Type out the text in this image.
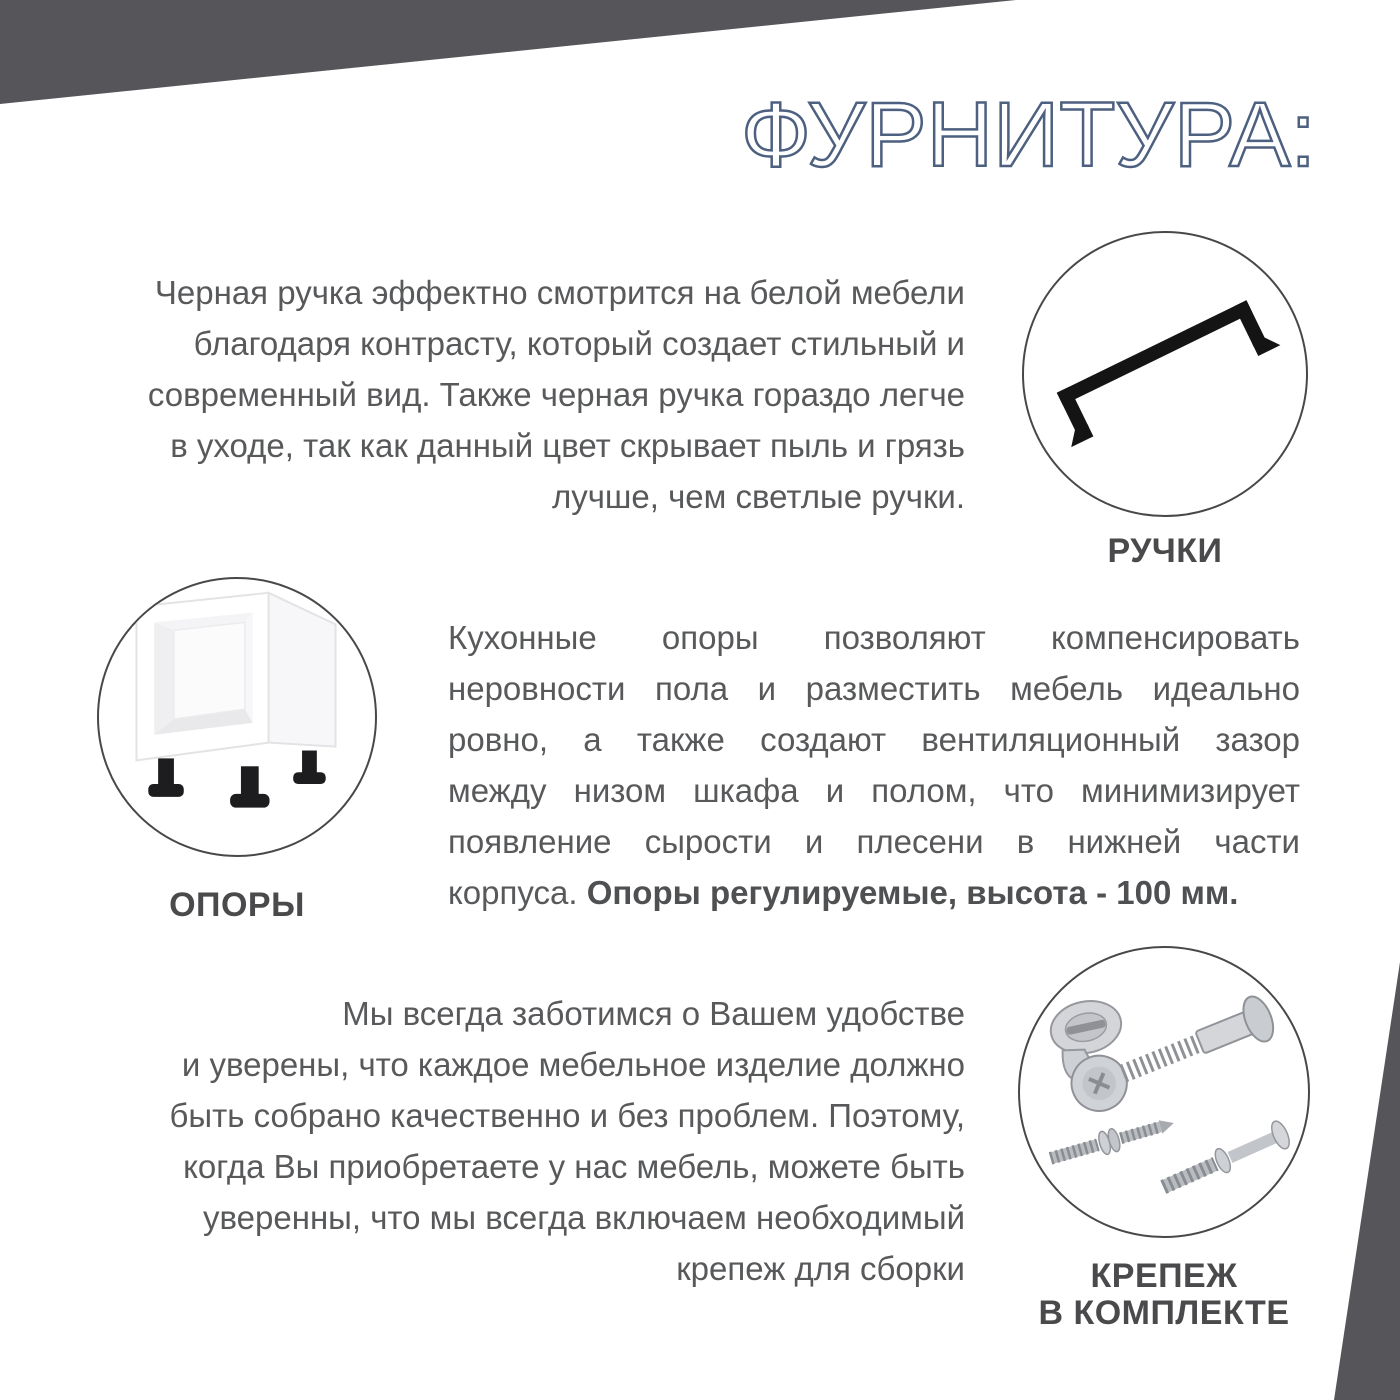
ФУРНИТУРА:
Черная ручка эффектно смотрится на белой мебели
благодаря контрасту, который создает стильный и
современный вид. Также черная ручка гораздо легче
в уходе, так как данный цвет скрывает пыль и грязь
лучше, чем светлые ручки.
РУЧКИ
ОПОРЫ
Кухонные опоры позволяют компенсировать
неровности пола и разместить мебель идеально
ровно, а также создают вентиляционный зазор
между низом шкафа и полом, что минимизирует
появление сырости и плесени в нижней части
корпуса. Опоры регулируемые, высота - 100 мм.
Мы всегда заботимся о Вашем удобстве
и уверены, что каждое мебельное изделие должно
быть собрано качественно и без проблем. Поэтому,
когда Вы приобретаете у нас мебель, можете быть
уверенны, что мы всегда включаем необходимый
крепеж для сборки	КРЕПЕЖ
В КОМПЛЕКТЕ
